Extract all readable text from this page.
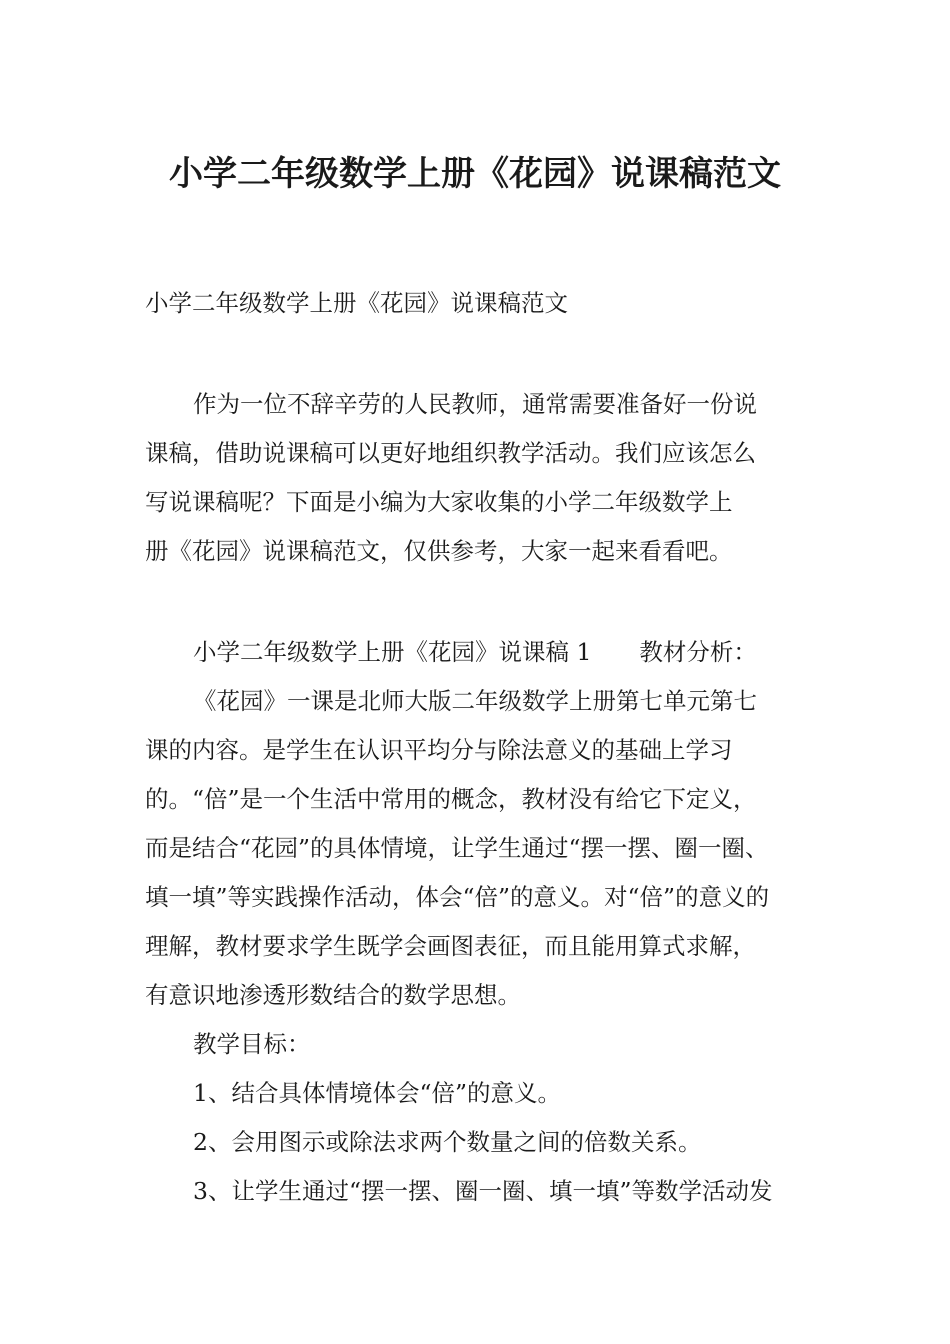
小学二年级数学上册《花园》说课稿范文
小学二年级数学上册《花园》说课稿范文
作为一位不辞辛劳的人民教师，通常需要准备好一份说
课稿，借助说课稿可以更好地组织教学活动。我们应该怎么
写说课稿呢？下面是小编为大家收集的小学二年级数学上
册《花园》说课稿范文，仅供参考，大家一起来看看吧。
小学二年级数学上册《花园》说课稿 1 教材分析：
《花园》一课是北师大版二年级数学上册第七单元第七
课的内容。是学生在认识平均分与除法意义的基础上学习
的。“倍”是一个生活中常用的概念，教材没有给它下定义，
而是结合“花园”的具体情境，让学生通过“摆一摆、圈一圈、
填一填”等实践操作活动，体会“倍”的意义。对“倍”的意义的
理解，教材要求学生既学会画图表征，而且能用算式求解，
有意识地渗透形数结合的数学思想。
教学目标：
1、结合具体情境体会“倍”的意义。
2、会用图示或除法求两个数量之间的倍数关系。
3、让学生通过“摆一摆、圈一圈、填一填”等数学活动发
